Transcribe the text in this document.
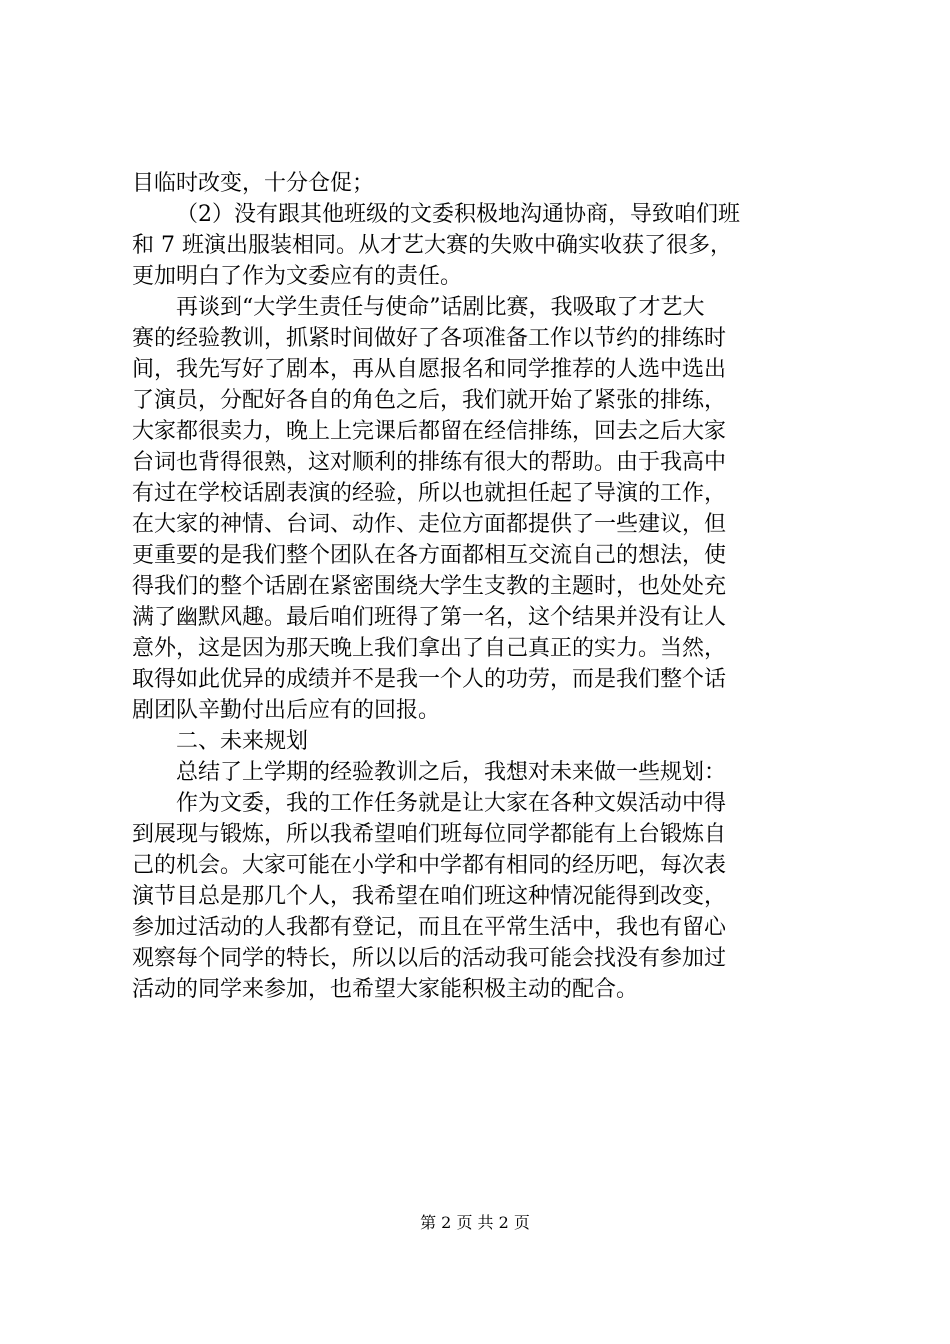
目临时改变，十分仓促；
（2）没有跟其他班级的文委积极地沟通协商，导致咱们班
和 7 班演出服装相同。从才艺大赛的失败中确实收获了很多，
更加明白了作为文委应有的责任。
再谈到“大学生责任与使命”话剧比赛，我吸取了才艺大
赛的经验教训，抓紧时间做好了各项准备工作以节约的排练时
间，我先写好了剧本，再从自愿报名和同学推荐的人选中选出
了演员，分配好各自的角色之后，我们就开始了紧张的排练，
大家都很卖力，晚上上完课后都留在经信排练，回去之后大家
台词也背得很熟，这对顺利的排练有很大的帮助。由于我高中
有过在学校话剧表演的经验，所以也就担任起了导演的工作，
在大家的神情、台词、动作、走位方面都提供了一些建议，但
更重要的是我们整个团队在各方面都相互交流自己的想法，使
得我们的整个话剧在紧密围绕大学生支教的主题时，也处处充
满了幽默风趣。最后咱们班得了第一名，这个结果并没有让人
意外，这是因为那天晚上我们拿出了自己真正的实力。当然，
取得如此优异的成绩并不是我一个人的功劳，而是我们整个话
剧团队辛勤付出后应有的回报。
二、未来规划
总结了上学期的经验教训之后，我想对未来做一些规划：
作为文委，我的工作任务就是让大家在各种文娱活动中得
到展现与锻炼，所以我希望咱们班每位同学都能有上台锻炼自
己的机会。大家可能在小学和中学都有相同的经历吧，每次表
演节目总是那几个人，我希望在咱们班这种情况能得到改变，
参加过活动的人我都有登记，而且在平常生活中，我也有留心
观察每个同学的特长，所以以后的活动我可能会找没有参加过
活动的同学来参加，也希望大家能积极主动的配合。
第 2 页 共 2 页
